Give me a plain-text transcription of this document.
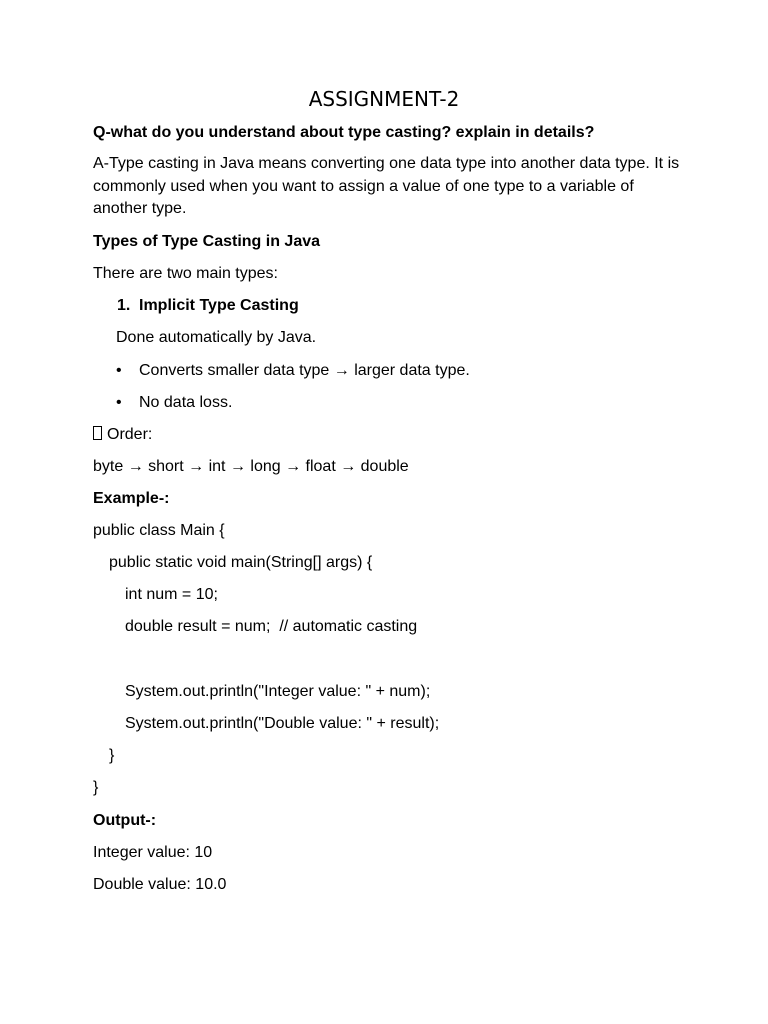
ASSIGNMENT-2
Q-what do you understand about type casting? explain in details?
A-Type casting in Java means converting one data type into another data type. It is commonly used when you want to assign a value of one type to a variable of another type.
Types of Type Casting in Java
There are two main types:
1. Implicit Type Casting
Done automatically by Java.
• Converts smaller data type → larger data type.
• No data loss.
Order:
byte → short → int → long → float → double
Example-:
public class Main {
public static void main(String[] args) {
int num = 10;
double result = num;  // automatic casting
System.out.println("Integer value: " + num);
System.out.println("Double value: " + result);
}
}
Output-:
Integer value: 10
Double value: 10.0
